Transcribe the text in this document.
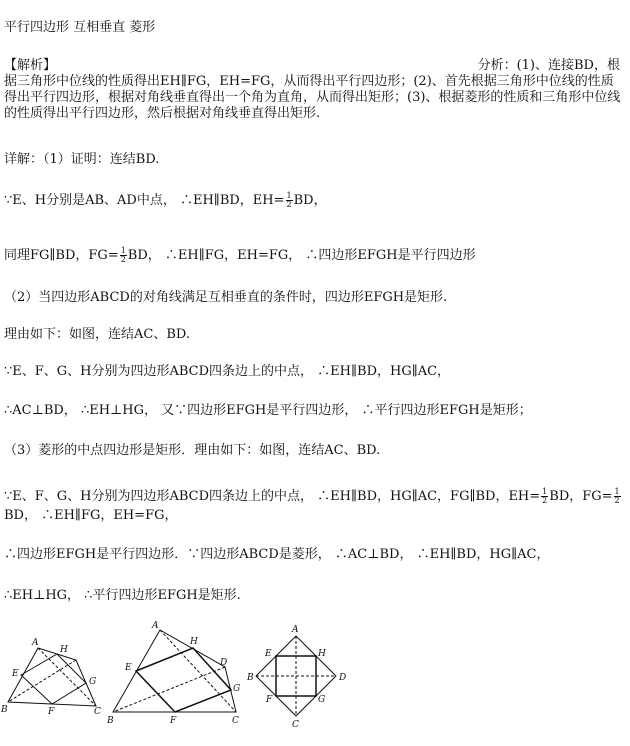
平行四边形 互相垂直 菱形
【解析】	分析：(1)、连接BD，根

据三角形中位线的性质得出EH∥FG，EH=FG，从而得出平行四边形；(2)、首先根据三角形中位线的性质得出平行四边形，根据对角线垂直得出一个角为直角，从而得出矩形；(3)、根据菱形的性质和三角形中位线的性质得出平行四边形，然后根据对角线垂直得出矩形.
详解：（1）证明：连结BD.
∵E、H分别是AB、AD中点， ∴EH∥BD，$EH= \frac{1}{2}$ BD，
同理FG∥BD，$FG= \frac{1}{2}$ BD， ∴EH∥FG，EH=FG， ∴四边形EFGH是平行四边形
（2）当四边形ABCD的对角线满足互相垂直的条件时，四边形EFGH是矩形.
理由如下：如图，连结AC、BD.
∵E、F、G、H分别为四边形ABCD四条边上的中点， ∴EH∥BD，HG∥AC，
∴AC⊥BD， ∴EH⊥HG， 又∵四边形EFGH是平行四边形， ∴平行四边形EFGH是矩形；
（3）菱形的中点四边形是矩形．理由如下：如图，连结AC、BD.
∵E、F、G、H分别为四边形ABCD四条边上的中点， ∴EH∥BD，HG∥AC，FG∥BD，$EH= \frac{1}{2}$ BD，$FG= \frac{1}{2}$
BD， ∴EH∥FG，EH=FG，
∴四边形EFGH是平行四边形．∵四边形ABCD是菱形， ∴AC⊥BD， ∴EH∥BD，HG∥AC，
∴EH⊥HG， ∴平行四边形EFGH是矩形.
A
H
E
G
B	F	C
A
H
D
E
G
B	F	C
A
E	H
B	D
F	G
C
